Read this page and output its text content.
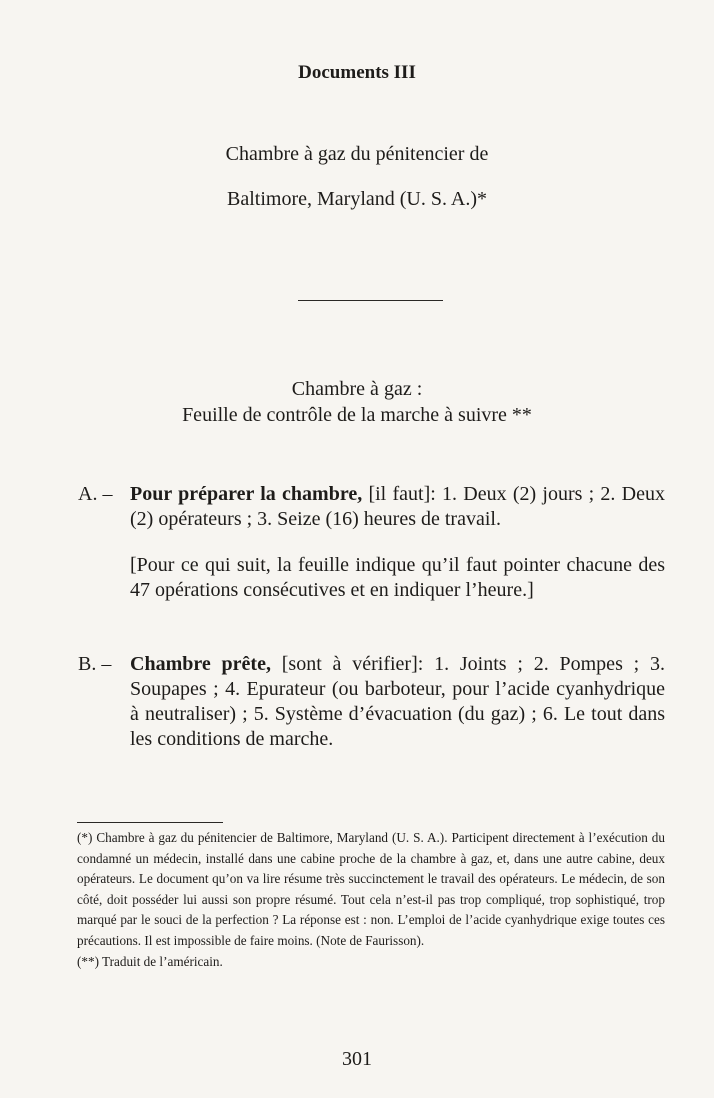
Documents III
Chambre à gaz du pénitencier de
Baltimore, Maryland (U. S. A.)*
Chambre à gaz :
Feuille de contrôle de la marche à suivre **
A. – Pour préparer la chambre, [il faut]: 1. Deux (2) jours ; 2. Deux (2) opérateurs ; 3. Seize (16) heures de travail.

[Pour ce qui suit, la feuille indique qu’il faut pointer chacune des 47 opérations consécutives et en indiquer l’heure.]

B. – Chambre prête, [sont à vérifier]: 1. Joints ; 2. Pompes ; 3. Soupapes ; 4. Epurateur (ou barboteur, pour l’acide cyanhydrique à neutraliser) ; 5. Système d’évacuation (du gaz) ; 6. Le tout dans les conditions de marche.

(*) Chambre à gaz du pénitencier de Baltimore, Maryland (U. S. A.). Participent directement à l’exécution du condamné un médecin, installé dans une cabine proche de la chambre à gaz, et, dans une autre cabine, deux opérateurs. Le document qu’on va lire résume très succinctement le travail des opérateurs. Le médecin, de son côté, doit posséder lui aussi son propre résumé. Tout cela n’est-il pas trop compliqué, trop sophistiqué, trop marqué par le souci de la perfection ? La réponse est : non. L’emploi de l’acide cyanhydrique exige toutes ces précautions. Il est impossible de faire moins. (Note de Faurisson).

(**) Traduit de l’américain.

301
